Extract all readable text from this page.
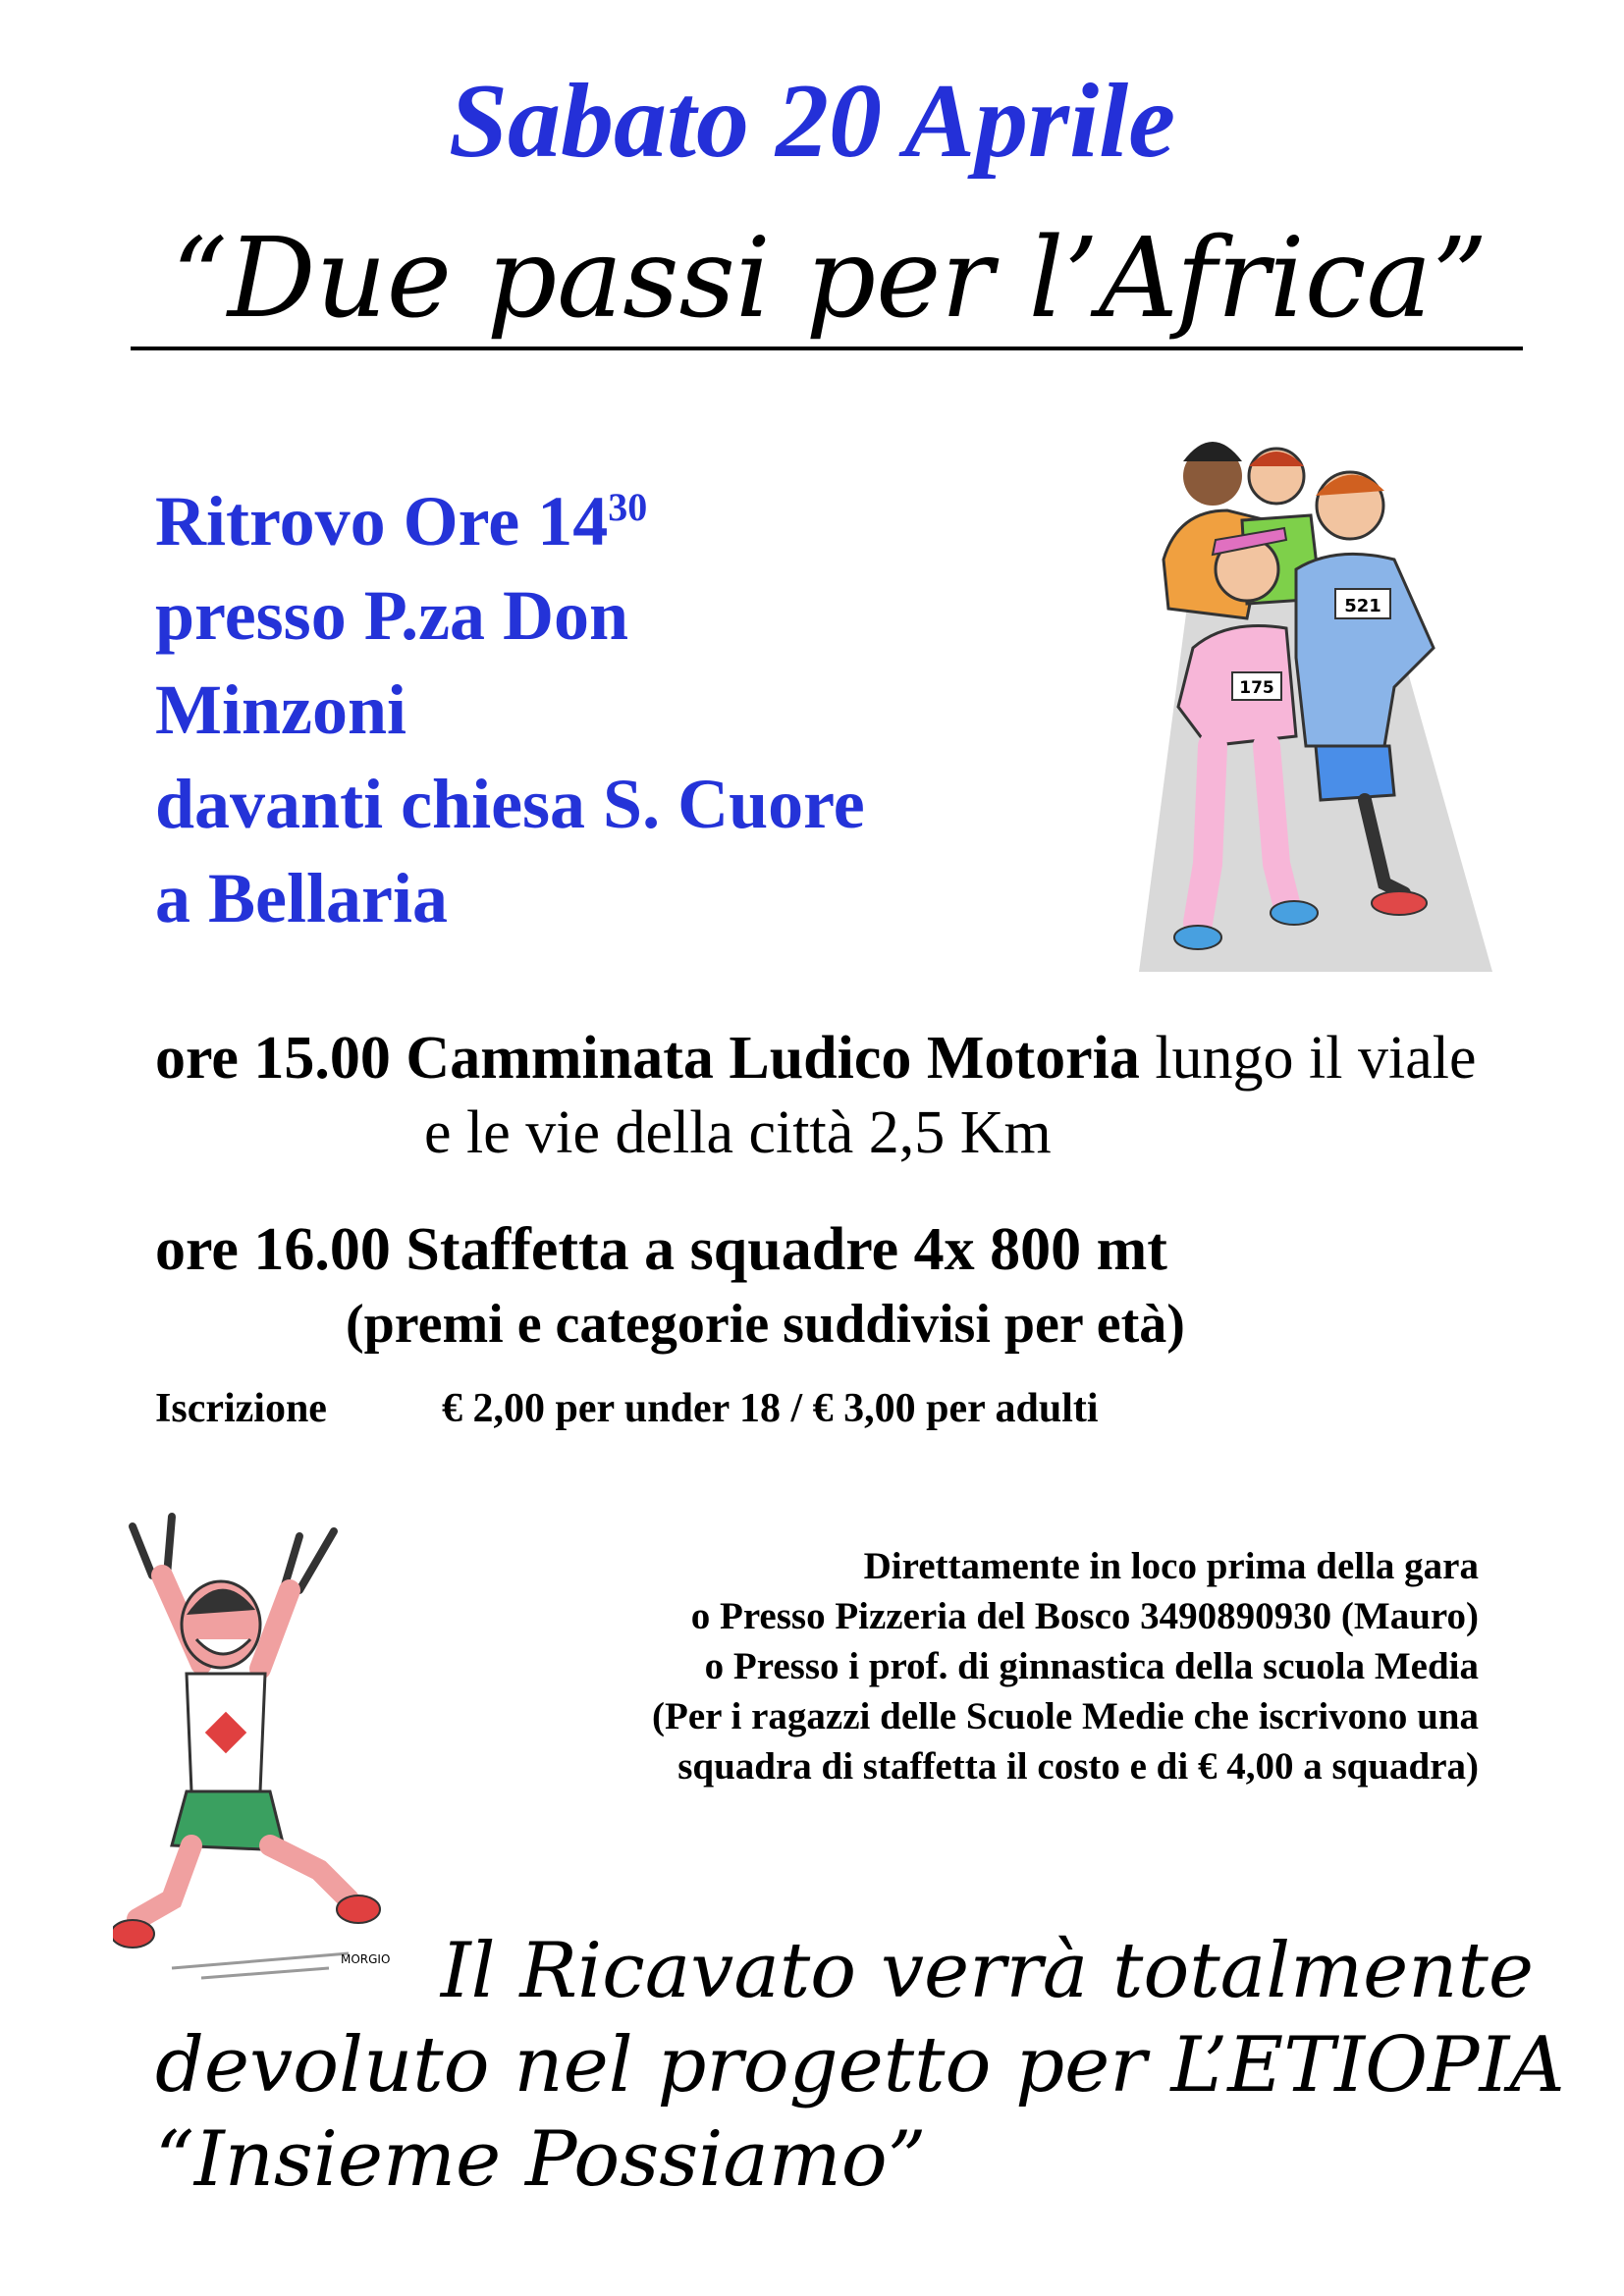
Sabato 20 Aprile
“Due passi per l’Africa”
Ritrovo Ore $14^{30}$
presso P.za Don
Minzoni
davanti chiesa S. Cuore
a Bellaria
521
175
ore 15.00 Camminata Ludico Motoria lungo il viale
e le vie della città 2,5 Km
ore 16.00 Staffetta a squadre 4x 800 mt
(premi e categorie suddivisi per età)
Iscrizione	€ 2,00 per under 18 / € 3,00 per adulti
MORGIO
Direttamente in loco prima della gara
o Presso Pizzeria del Bosco 3490890930 (Mauro)
o Presso i prof. di ginnastica della scuola Media
(Per i ragazzi delle Scuole Medie che iscrivono una
squadra di staffetta il costo e di € 4,00 a squadra)
Il Ricavato verrà totalmente
devoluto nel progetto per L’ETIOPIA
“Insieme Possiamo”
